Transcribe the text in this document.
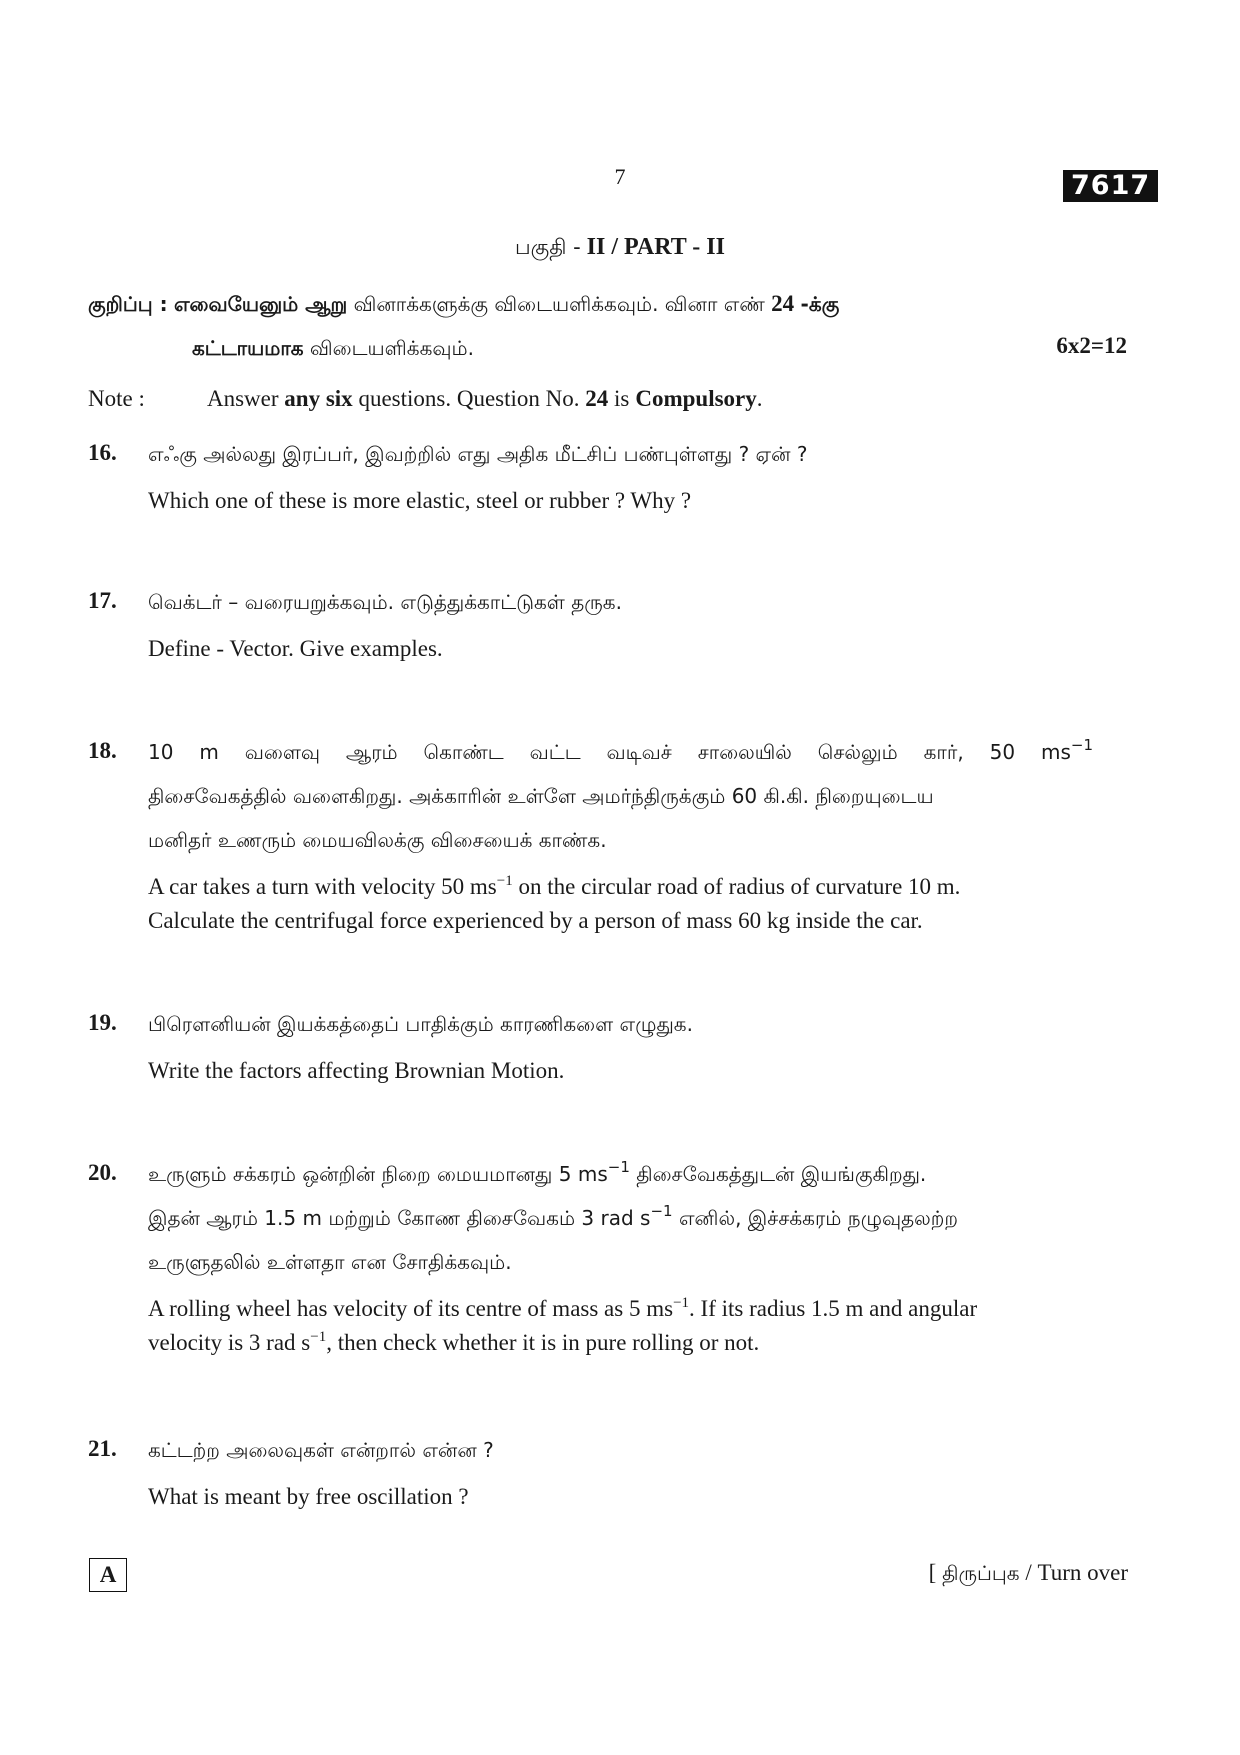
7	7617
பகுதி - II / PART - II
குறிப்பு : எவையேனும் ஆறு வினாக்களுக்கு விடையளிக்கவும். வினா எண் 24 -க்கு
கட்டாயமாக விடையளிக்கவும்.	6x2=12
Note :	Answer any six questions. Question No. 24 is Compulsory.
16. எஃகு அல்லது இரப்பர், இவற்றில் எது அதிக மீட்சிப் பண்புள்ளது ? ஏன் ?
Which one of these is more elastic, steel or rubber ? Why ?
17. வெக்டர் – வரையறுக்கவும். எடுத்துக்காட்டுகள் தருக.
Define - Vector. Give examples.
18. 10 m வளைவு ஆரம் கொண்ட வட்ட வடிவச் சாலையில் செல்லும் கார், 50 $ms^{-1}$
திசைவேகத்தில் வளைகிறது. அக்காரின் உள்ளே அமர்ந்திருக்கும் 60 கி.கி. நிறையுடைய
மனிதர் உணரும் மையவிலக்கு விசையைக் காண்க.
A car takes a turn with velocity 50 $ms^{-1}$ on the circular road of radius of curvature 10 m.
Calculate the centrifugal force experienced by a person of mass 60 kg inside the car.
19. பிரௌனியன் இயக்கத்தைப் பாதிக்கும் காரணிகளை எழுதுக.
Write the factors affecting Brownian Motion.
20. உருளும் சக்கரம் ஒன்றின் நிறை மையமானது 5 $ms^{-1}$ திசைவேகத்துடன் இயங்குகிறது.
இதன் ஆரம் 1.5 m மற்றும் கோண திசைவேகம் 3 rad $s^{-1}$ எனில், இச்சக்கரம் நழுவுதலற்ற
உருளுதலில் உள்ளதா என சோதிக்கவும்.
A rolling wheel has velocity of its centre of mass as 5 $ms^{-1}$. If its radius 1.5 m and angular
velocity is 3 rad $s^{-1}$, then check whether it is in pure rolling or not.
21. கட்டற்ற அலைவுகள் என்றால் என்ன ?
What is meant by free oscillation ?
A	[ திருப்புக / Turn over
